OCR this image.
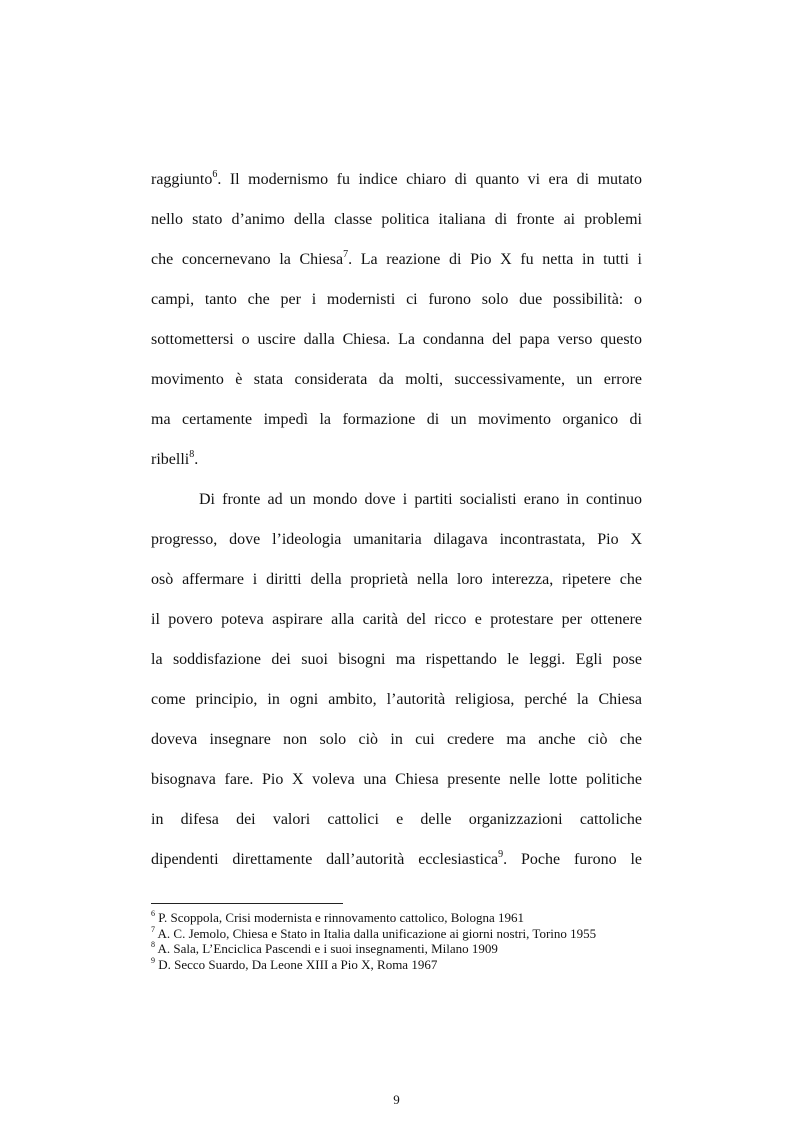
raggiunto$^6$. Il modernismo fu indice chiaro di quanto vi era di mutato
nello stato d’animo della classe politica italiana di fronte ai problemi
che concernevano la Chiesa$^7$. La reazione di Pio X fu netta in tutti i
campi, tanto che per i modernisti ci furono solo due possibilità: o
sottomettersi o uscire dalla Chiesa. La condanna del papa verso questo
movimento è stata considerata da molti, successivamente, un errore
ma certamente impedì la formazione di un movimento organico di
ribelli$^8$.
Di fronte ad un mondo dove i partiti socialisti erano in continuo
progresso, dove l’ideologia umanitaria dilagava incontrastata, Pio X
osò affermare i diritti della proprietà nella loro interezza, ripetere che
il povero poteva aspirare alla carità del ricco e protestare per ottenere
la soddisfazione dei suoi bisogni ma rispettando le leggi. Egli pose
come principio, in ogni ambito, l’autorità religiosa, perché la Chiesa
doveva insegnare non solo ciò in cui credere ma anche ciò che
bisognava fare. Pio X voleva una Chiesa presente nelle lotte politiche
in difesa dei valori cattolici e delle organizzazioni cattoliche
dipendenti direttamente dall’autorità ecclesiastica$^9$. Poche furono le
$^6$ P. Scoppola, Crisi modernista e rinnovamento cattolico, Bologna 1961
$^7$ A. C. Jemolo, Chiesa e Stato in Italia dalla unificazione ai giorni nostri, Torino 1955
$^8$ A. Sala, L’Enciclica Pascendi e i suoi insegnamenti, Milano 1909
$^9$ D. Secco Suardo, Da Leone XIII a Pio X, Roma 1967
9
